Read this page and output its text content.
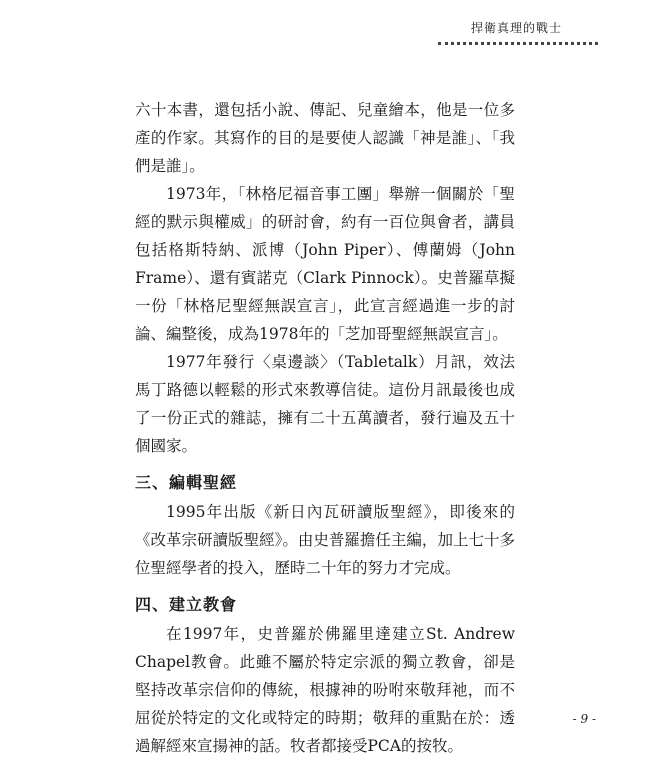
捍衛真理的戰士

六十本書，還包括小說、傳記、兒童繪本，他是一位多產的作家。其寫作的目的是要使人認識「神是誰」、「我們是誰」。

1973年，「林格尼福音事工團」舉辦一個關於「聖經的默示與權威」的研討會，約有一百位與會者，講員包括格斯特納、派博（John Piper）、傅蘭姆（John Frame）、還有賓諾克（Clark Pinnock）。史普羅草擬一份「林格尼聖經無誤宣言」，此宣言經過進一步的討論、編整後，成為1978年的「芝加哥聖經無誤宣言」。

1977年發行〈桌邊談〉（Tabletalk）月訊，效法馬丁路德以輕鬆的形式來教導信徒。這份月訊最後也成了一份正式的雜誌，擁有二十五萬讀者，發行遍及五十個國家。

三、編輯聖經

1995年出版《新日內瓦研讀版聖經》，即後來的《改革宗研讀版聖經》。由史普羅擔任主編，加上七十多位聖經學者的投入，歷時二十年的努力才完成。

四、建立教會

在1997年，史普羅於佛羅里達建立St. Andrew Chapel教會。此雖不屬於特定宗派的獨立教會，卻是堅持改革宗信仰的傳統，根據神的吩咐來敬拜祂，而不屈從於特定的文化或特定的時期；敬拜的重點在於：透過解經來宣揚神的話。牧者都接受PCA的按牧。

- 9 -
